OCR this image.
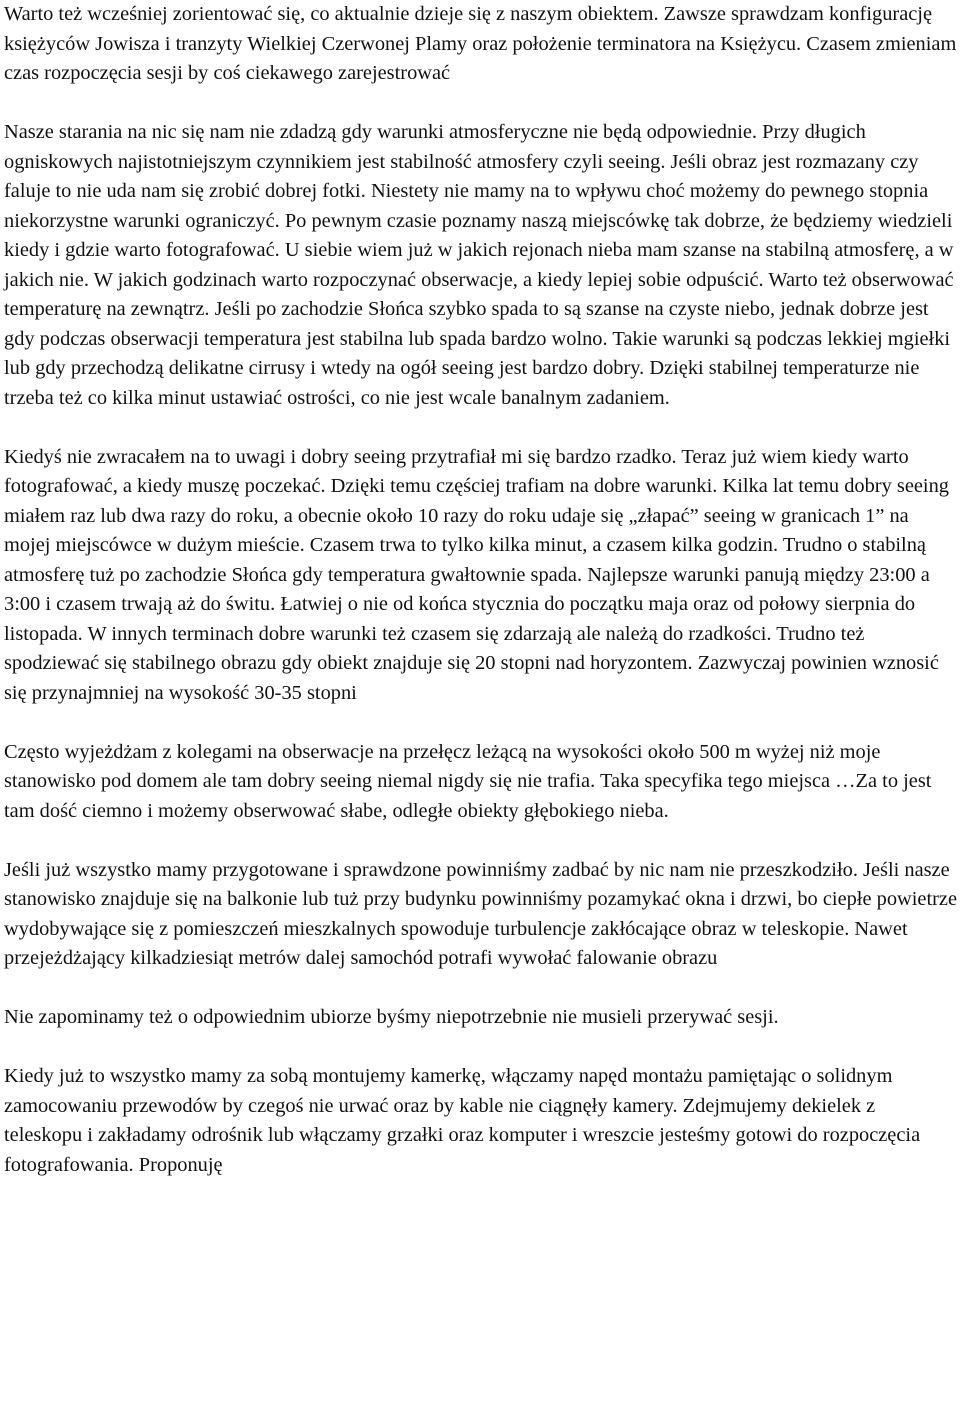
Warto też wcześniej zorientować się, co aktualnie dzieje się z naszym obiektem. Zawsze sprawdzam konfigurację księżyców Jowisza i tranzyty Wielkiej Czerwonej Plamy oraz położenie terminatora na Księżycu. Czasem zmieniam czas rozpoczęcia sesji by coś ciekawego zarejestrować

Nasze starania na nic się nam nie zdadzą gdy warunki atmosferyczne nie będą odpowiednie. Przy długich ogniskowych najistotniejszym czynnikiem jest stabilność atmosfery czyli seeing. Jeśli obraz jest rozmazany czy faluje to nie uda nam się zrobić dobrej fotki. Niestety nie mamy na to wpływu choć możemy do pewnego stopnia niekorzystne warunki ograniczyć. Po pewnym czasie poznamy naszą miejscówkę tak dobrze, że będziemy wiedzieli kiedy i gdzie warto fotografować. U siebie wiem już w jakich rejonach nieba mam szanse na stabilną atmosferę, a w jakich nie. W jakich godzinach warto rozpoczynać obserwacje, a kiedy lepiej sobie odpuścić. Warto też obserwować temperaturę na zewnątrz. Jeśli po zachodzie Słońca szybko spada to są szanse na czyste niebo, jednak dobrze jest gdy podczas obserwacji temperatura jest stabilna lub spada bardzo wolno. Takie warunki są podczas lekkiej mgiełki lub gdy przechodzą delikatne cirrusy i wtedy na ogół seeing jest bardzo dobry. Dzięki stabilnej temperaturze nie trzeba też co kilka minut ustawiać ostrości, co nie jest wcale banalnym zadaniem.

Kiedyś nie zwracałem na to uwagi i dobry seeing przytrafiał mi się bardzo rzadko. Teraz już wiem kiedy warto fotografować, a kiedy muszę poczekać. Dzięki temu częściej trafiam na dobre warunki. Kilka lat temu dobry seeing miałem raz lub dwa razy do roku, a obecnie około 10 razy do roku udaje się „złapać” seeing w granicach 1” na mojej miejscówce w dużym mieście. Czasem trwa to tylko kilka minut, a czasem kilka godzin. Trudno o stabilną atmosferę tuż po zachodzie Słońca gdy temperatura gwałtownie spada. Najlepsze warunki panują między 23:00 a 3:00 i czasem trwają aż do świtu. Łatwiej o nie od końca stycznia do początku maja oraz od połowy sierpnia do listopada. W innych terminach dobre warunki też czasem się zdarzają ale należą do rzadkości. Trudno też spodziewać się stabilnego obrazu gdy obiekt znajduje się 20 stopni nad horyzontem. Zazwyczaj powinien wznosić się przynajmniej na wysokość 30-35 stopni

Często wyjeżdżam z kolegami na obserwacje na przełęcz leżącą na wysokości około 500 m wyżej niż moje stanowisko pod domem ale tam dobry seeing niemal nigdy się nie trafia. Taka specyfika tego miejsca …Za to jest tam dość ciemno i możemy obserwować słabe, odległe obiekty głębokiego nieba.

Jeśli już wszystko mamy przygotowane i sprawdzone powinniśmy zadbać by nic nam nie przeszkodziło. Jeśli nasze stanowisko znajduje się na balkonie lub tuż przy budynku powinniśmy pozamykać okna i drzwi, bo ciepłe powietrze wydobywające się z pomieszczeń mieszkalnych spowoduje turbulencje zakłócające obraz w teleskopie. Nawet przejeżdżający kilkadziesiąt metrów dalej samochód potrafi wywołać falowanie obrazu

Nie zapominamy też o odpowiednim ubiorze byśmy niepotrzebnie nie musieli przerywać sesji.

Kiedy już to wszystko mamy za sobą montujemy kamerkę, włączamy napęd montażu pamiętając o solidnym zamocowaniu przewodów by czegoś nie urwać oraz by kable nie ciągnęły kamery. Zdejmujemy dekielek z teleskopu i zakładamy odrośnik lub włączamy grzałki oraz komputer i wreszcie jesteśmy gotowi do rozpoczęcia fotografowania. Proponuję
